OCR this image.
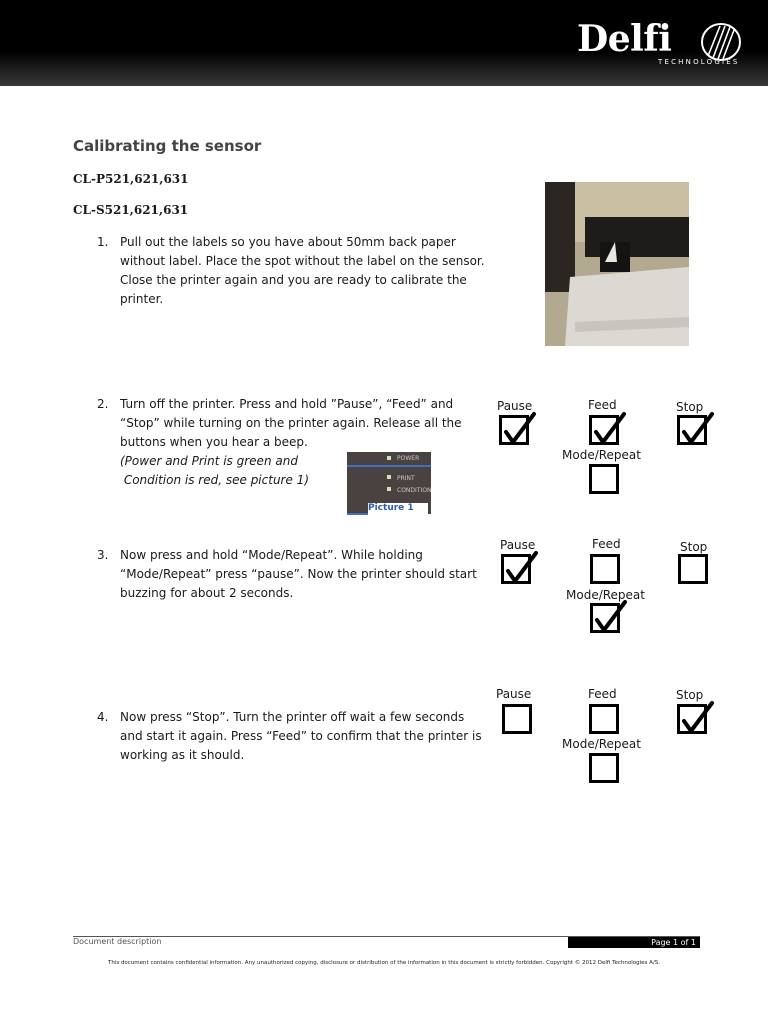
Delfi
TECHNOLOGIES
Calibrating the sensor
CL-P521,621,631
CL-S521,621,631
1. Pull out the labels so you have about 50mm back paper without label. Place the spot without the label on the sensor. Close the printer again and you are ready to calibrate the printer.
2. Turn off the printer. Press and hold ”Pause”, “Feed” and “Stop” while turning on the printer again. Release all the buttons when you hear a beep.
(Power and Print is green and
Condition is red, see picture 1)
POWER
PRINT
CONDITION
Picture 1
3. Now press and hold “Mode/Repeat”. While holding “Mode/Repeat” press “pause”. Now the printer should start buzzing for about 2 seconds.
4. Now press “Stop”. Turn the printer off wait a few seconds and start it again. Press “Feed” to confirm that the printer is working as it should.
Pause	Feed	Stop
Mode/Repeat
Pause	Feed	Stop
Mode/Repeat
Pause	Feed	Stop
Mode/Repeat
Document description	Page 1 of 1
This document contains confidential information. Any unauthorized copying, disclosure or distribution of the information in this document is strictly forbidden. Copyright © 2012 Delfi Technologies A/S.
